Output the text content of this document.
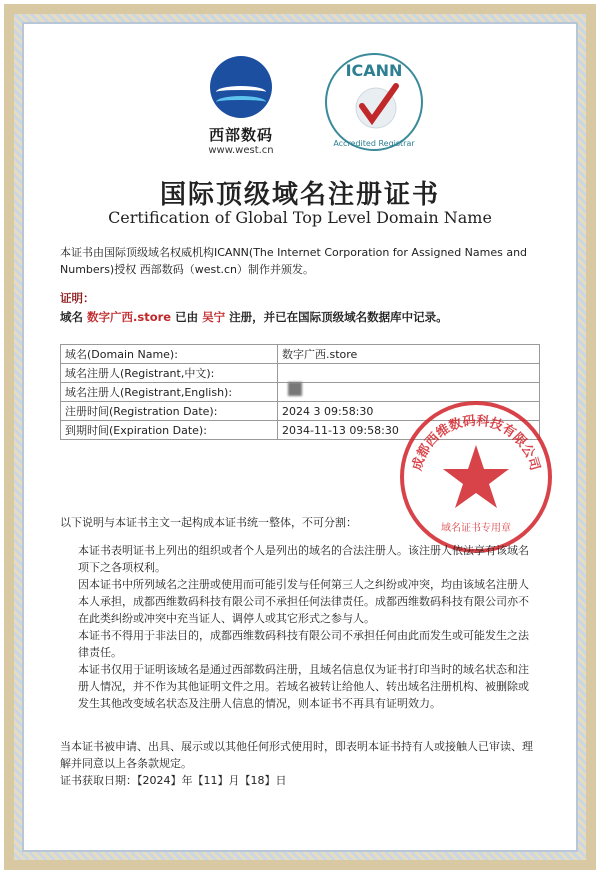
西部数码
www.west.cn
ICANN
Accredited Registrar
国际顶级域名注册证书
Certification of Global Top Level Domain Name
本证书由国际顶级域名权威机构ICANN(The Internet Corporation for Assigned Names and Numbers)授权 西部数码（west.cn）制作并颁发。
证明：
域名 数字广西.store 已由 吴宁 注册，并已在国际顶级域名数据库中记录。
域名(Domain Name):	数字广西.store
域名注册人(Registrant,中文):	
域名注册人(Registrant,English):	
注册时间(Registration Date):	2024 3 09:58:30
到期时间(Expiration Date):	2034-11-13 09:58:30
成都西维数码科技有限公司
域名证书专用章
以下说明与本证书主文一起构成本证书统一整体，不可分割：

本证书表明证书上列出的组织或者个人是列出的域名的合法注册人。该注册人依法享有该域名项下之各项权利。

因本证书中所列域名之注册或使用而可能引发与任何第三人之纠纷或冲突，均由该域名注册人本人承担，成都西维数码科技有限公司不承担任何法律责任。成都西维数码科技有限公司亦不在此类纠纷或冲突中充当证人、调停人或其它形式之参与人。

本证书不得用于非法目的，成都西维数码科技有限公司不承担任何由此而发生或可能发生之法律责任。

本证书仅用于证明该域名是通过西部数码注册，且域名信息仅为证书打印当时的域名状态和注册人情况，并不作为其他证明文件之用。若域名被转让给他人、转出域名注册机构、被删除或发生其他改变域名状态及注册人信息的情况，则本证书不再具有证明效力。

当本证书被申请、出具、展示或以其他任何形式使用时，即表明本证书持有人或接触人已审读、理解并同意以上各条款规定。

证书获取日期：【2024】年【11】月【18】日
